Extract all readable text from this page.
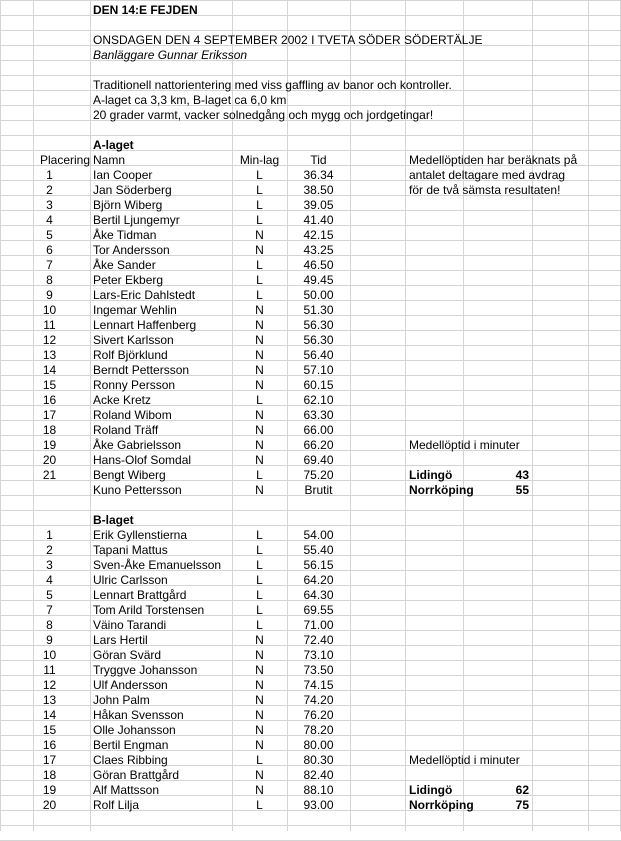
DEN 14:E FEJDEN
ONSDAGEN DEN 4 SEPTEMBER 2002 I TVETA SÖDER SÖDERTÄLJE
Banläggare Gunnar Eriksson
Traditionell nattorientering med viss gaffling av banor och kontroller.
A-laget ca 3,3 km, B-laget ca 6,0 km
20 grader varmt, vacker solnedgång och mygg och jordgetingar!
A-laget
Placering Namn	Min-lag	Tid
1	Ian Cooper	L	36.34
2	Jan Söderberg	L	38.50
3	Björn Wiberg	L	39.05
4	Bertil Ljungemyr	L	41.40
5	Åke Tidman	N	42.15
6	Tor Andersson	N	43.25
7	Åke Sander	L	46.50
8	Peter Ekberg	L	49.45
9	Lars-Eric Dahlstedt	L	50.00
10	Ingemar Wehlin	N	51.30
11	Lennart Haffenberg	N	56.30
12	Sivert Karlsson	N	56.30
13	Rolf Björklund	N	56.40
14	Berndt Pettersson	N	57.10
15	Ronny Persson	N	60.15
16	Acke Kretz	L	62.10
17	Roland Wibom	N	63.30
18	Roland Träff	N	66.00
19	Åke Gabrielsson	N	66.20
20	Hans-Olof Somdal	N	69.40
21	Bengt Wiberg	L	75.20
Kuno Pettersson	N	Brutit
Medellöptiden har beräknats på
antalet deltagare med avdrag
för de två sämsta resultaten!
Medellöptid i minuter
Lidingö	43
Norrköping	55
B-laget
1	Erik Gyllenstierna	L	54.00
2	Tapani Mattus	L	55.40
3	Sven-Åke Emanuelsson	L	56.15
4	Ulric Carlsson	L	64.20
5	Lennart Brattgård	L	64.30
7	Tom Arild Torstensen	L	69.55
8	Väino Tarandi	L	71.00
9	Lars Hertil	N	72.40
10	Göran Svärd	N	73.10
11	Tryggve Johansson	N	73.50
12	Ulf Andersson	N	74.15
13	John Palm	N	74.20
14	Håkan Svensson	N	76.20
15	Olle Johansson	N	78.20
16	Bertil Engman	N	80.00
17	Claes Ribbing	L	80.30
18	Göran Brattgård	N	82.40
19	Alf Mattsson	N	88.10
20	Rolf Lilja	L	93.00
Medellöptid i minuter
Lidingö	62
Norrköping	75
